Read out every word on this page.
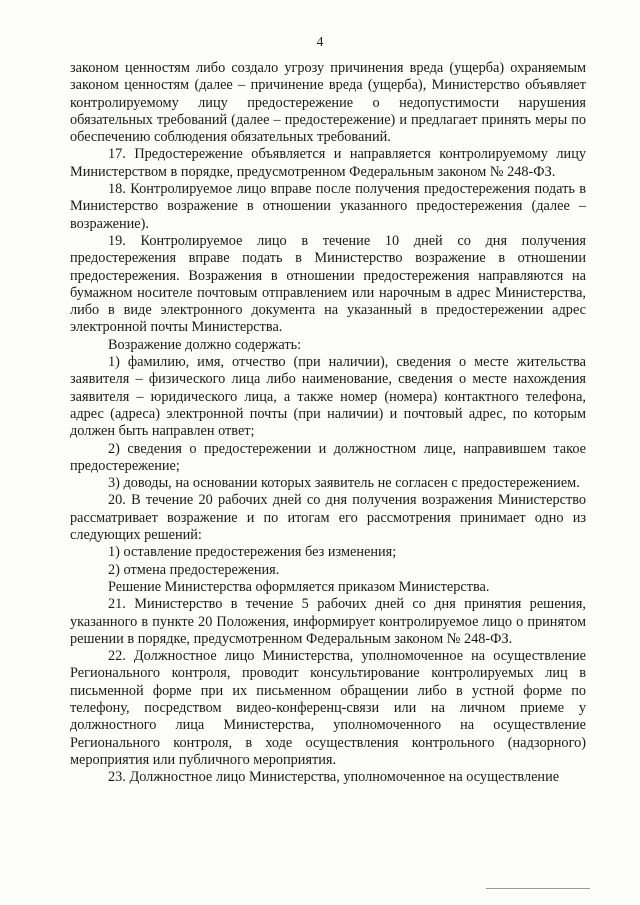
4

законом ценностям либо создало угрозу причинения вреда (ущерба) охраняемым законом ценностям (далее – причинение вреда (ущерба), Министерство объявляет контролируемому лицу предостережение о недопустимости нарушения обязательных требований (далее – предостережение) и предлагает принять меры по обеспечению соблюдения обязательных требований.

17. Предостережение объявляется и направляется контролируемому лицу Министерством в порядке, предусмотренном Федеральным законом № 248-ФЗ.

18. Контролируемое лицо вправе после получения предостережения подать в Министерство возражение в отношении указанного предостережения (далее – возражение).

19. Контролируемое лицо в течение 10 дней со дня получения предостережения вправе подать в Министерство возражение в отношении предостережения. Возражения в отношении предостережения направляются на бумажном носителе почтовым отправлением или нарочным в адрес Министерства, либо в виде электронного документа на указанный в предостережении адрес электронной почты Министерства.

Возражение должно содержать:

1) фамилию, имя, отчество (при наличии), сведения о месте жительства заявителя – физического лица либо наименование, сведения о месте нахождения заявителя – юридического лица, а также номер (номера) контактного телефона, адрес (адреса) электронной почты (при наличии) и почтовый адрес, по которым должен быть направлен ответ;

2) сведения о предостережении и должностном лице, направившем такое предостережение;

3) доводы, на основании которых заявитель не согласен с предостережением.

20. В течение 20 рабочих дней со дня получения возражения Министерство рассматривает возражение и по итогам его рассмотрения принимает одно из следующих решений:

1) оставление предостережения без изменения;

2) отмена предостережения.

Решение Министерства оформляется приказом Министерства.

21. Министерство в течение 5 рабочих дней со дня принятия решения, указанного в пункте 20 Положения, информирует контролируемое лицо о принятом решении в порядке, предусмотренном Федеральным законом № 248-ФЗ.

22. Должностное лицо Министерства, уполномоченное на осуществление Регионального контроля, проводит консультирование контролируемых лиц в письменной форме при их письменном обращении либо в устной форме по телефону, посредством видео-конференц-связи или на личном приеме у должностного лица Министерства, уполномоченного на осуществление Регионального контроля, в ходе осуществления контрольного (надзорного) мероприятия или публичного мероприятия.

23. Должностное лицо Министерства, уполномоченное на осуществление
